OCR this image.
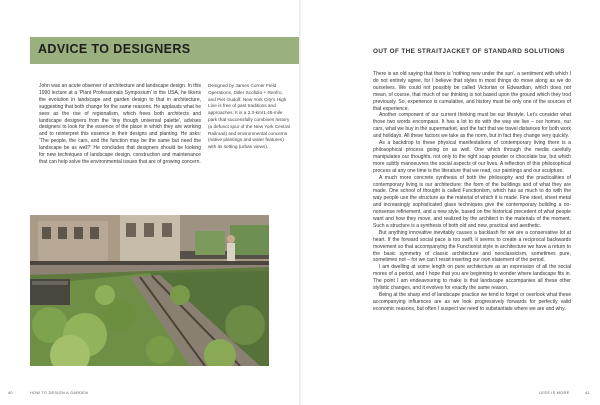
ADVICE TO DESIGNERS
John was an acute observer of architecture and landscape design. In this 1990 lecture at a ‘Plant Professionals Symposium’ in the USA, he likens the evolution in landscape and garden design to that in architecture, suggesting that both change for the same reasons. He applauds what he sees as the rise of regionalism, which frees both architects and landscape designers from the ‘tiny though universal palette’, advises designers to look for the essence of the place in which they are working and to reinterpret this essence in their designs and planting. He asks: ‘The people, the cars, and the function may be the same but need the landscape be as well?’ He concludes that designers should be looking for new techniques of landscape design, construction and maintenance that can help solve the environmental issues that are of growing concern.
Designed by James Corner Field Operations, Diller Scofidio + Renfro, and Piet Oudolf, New York City’s High Line is free of past traditions and approaches. It is a 2.3-km/1.45-mile park that successfully combines history (a defunct spur of the New York Central Railroad) and environmental concerns (native plantings and water features) with its setting (urban views).
OUT OF THE STRAITJACKET OF STANDARD SOLUTIONS

There is an old saying that there is ‘nothing new under the sun’, a sentiment with which I do not entirely agree, for I believe that styles in most things do move along as we do ourselves. We could not possibly be called Victorian or Edwardian, which does not mean, of course, that much of our thinking is not based upon the ground which they trod previously. So, experience is cumulative, and history must be only one of the sources of that experience.

Another component of our current thinking must be our lifestyle. Let’s consider what those two words encompass. It has a lot to do with the way we live – our homes, our cars, what we buy in the supermarket, and the fact that we travel distances for both work and holidays. All these factors we take as the norm, but in fact they change very quickly.

As a backdrop to these physical manifestations of contemporary living there is a philosophical process going on as well. One which through the media carefully manipulates our thoughts, not only to the right soap powder or chocolate bar, but which more subtly manoeuvres the social aspects of our lives. A reflection of this philosophical process at any one time is the literature that we read, our paintings and our sculpture.

A much more concrete synthesis of both the philosophy and the practicalities of contemporary living is our architecture: the form of the buildings and of what they are made. One school of thought is called Functionism, which has as much to do with the way people use the structure as the material of which it is made. Fine steel, sheet metal and increasingly sophisticated glass techniques give the contemporary building a no-nonsense refinement, and a new style, based on the historical precedent of what people want and how they move, and realized by the architect in the materials of the moment. Such a structure is a synthesis of both old and new, practical and aesthetic.

But anything innovative inevitably causes a backlash for we are a conservative lot at heart. If the forward social pace is too swift, it seems to create a reciprocal backwards movement so that accompanying the Functionist style in architecture we have a return to the basic symmetry of classic architecture and neoclassicism, sometimes pure, sometimes not – for we can’t resist inserting our own statement of the period.

I am dwelling at some length on pure architecture as an expression of all the social mores of a period, and I hope that you are beginning to wonder where landscape fits in. The point I am endeavouring to make is that landscape accompanies all these other stylistic changes, and it evolves for exactly the same reason.

Being at the sharp end of landscape practice we tend to forget or overlook what these accompanying influences are as we look progressively forwards for perfectly valid economic reasons, but often I suspect we need to substantiate where we are and why.

40	HOW TO DESIGN A GARDEN	LESS IS MORE	41
